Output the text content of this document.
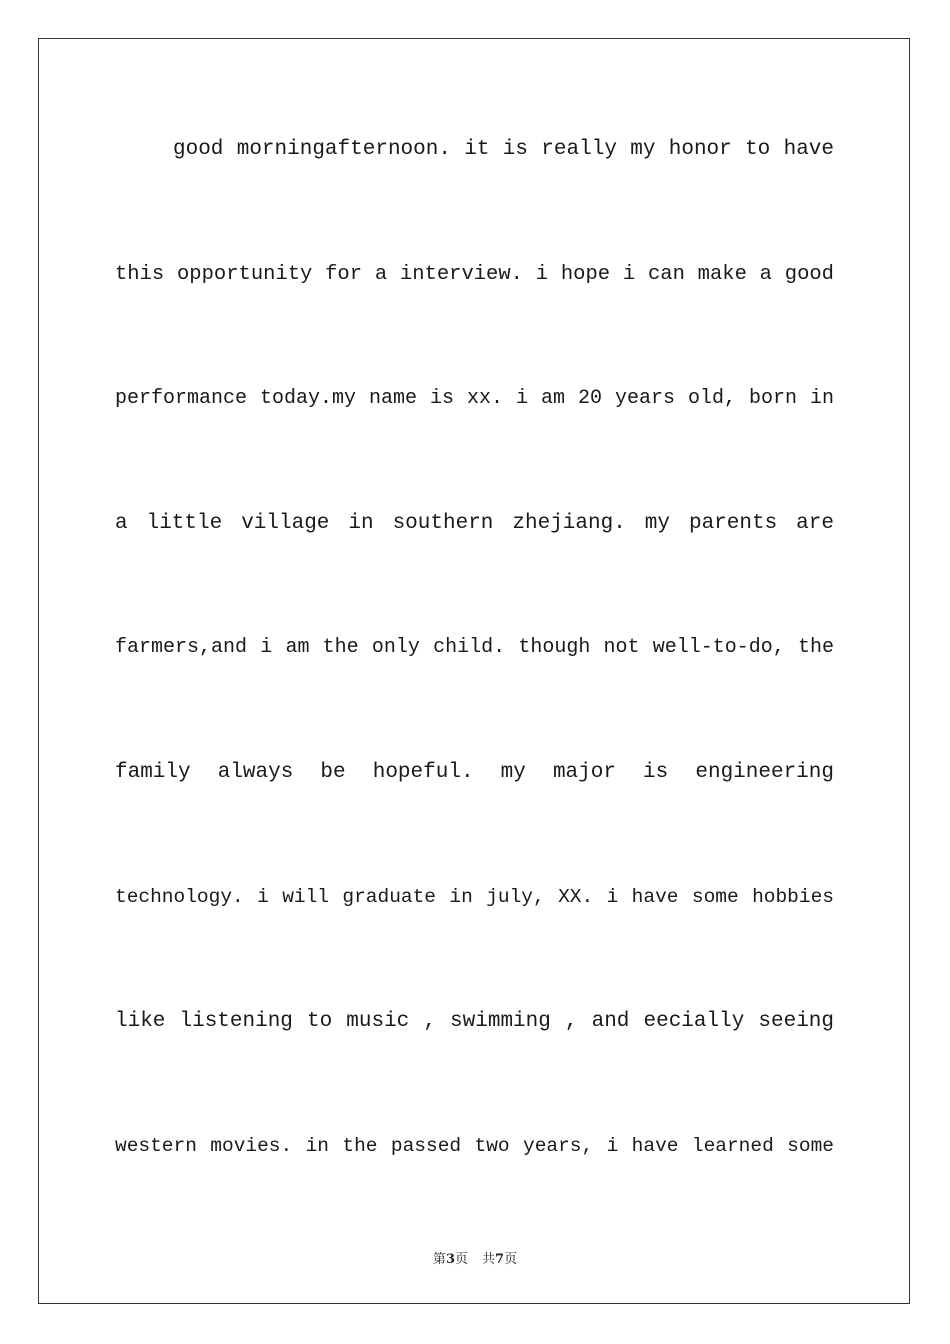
good morningafternoon. it is really my honor to have
this opportunity for a interview. i hope i can make a good
performance today.my name is xx. i am 20 years old, born in
a little village in southern zhejiang. my parents are
farmers,and i am the only child. though not well-to-do, the
family always be hopeful. my major is engineering
technology. i will graduate in july, XX. i have some hobbies
like listening to music , swimming , and eecially seeing
western movies. in the passed two years, i have learned some
第3页 共7页
